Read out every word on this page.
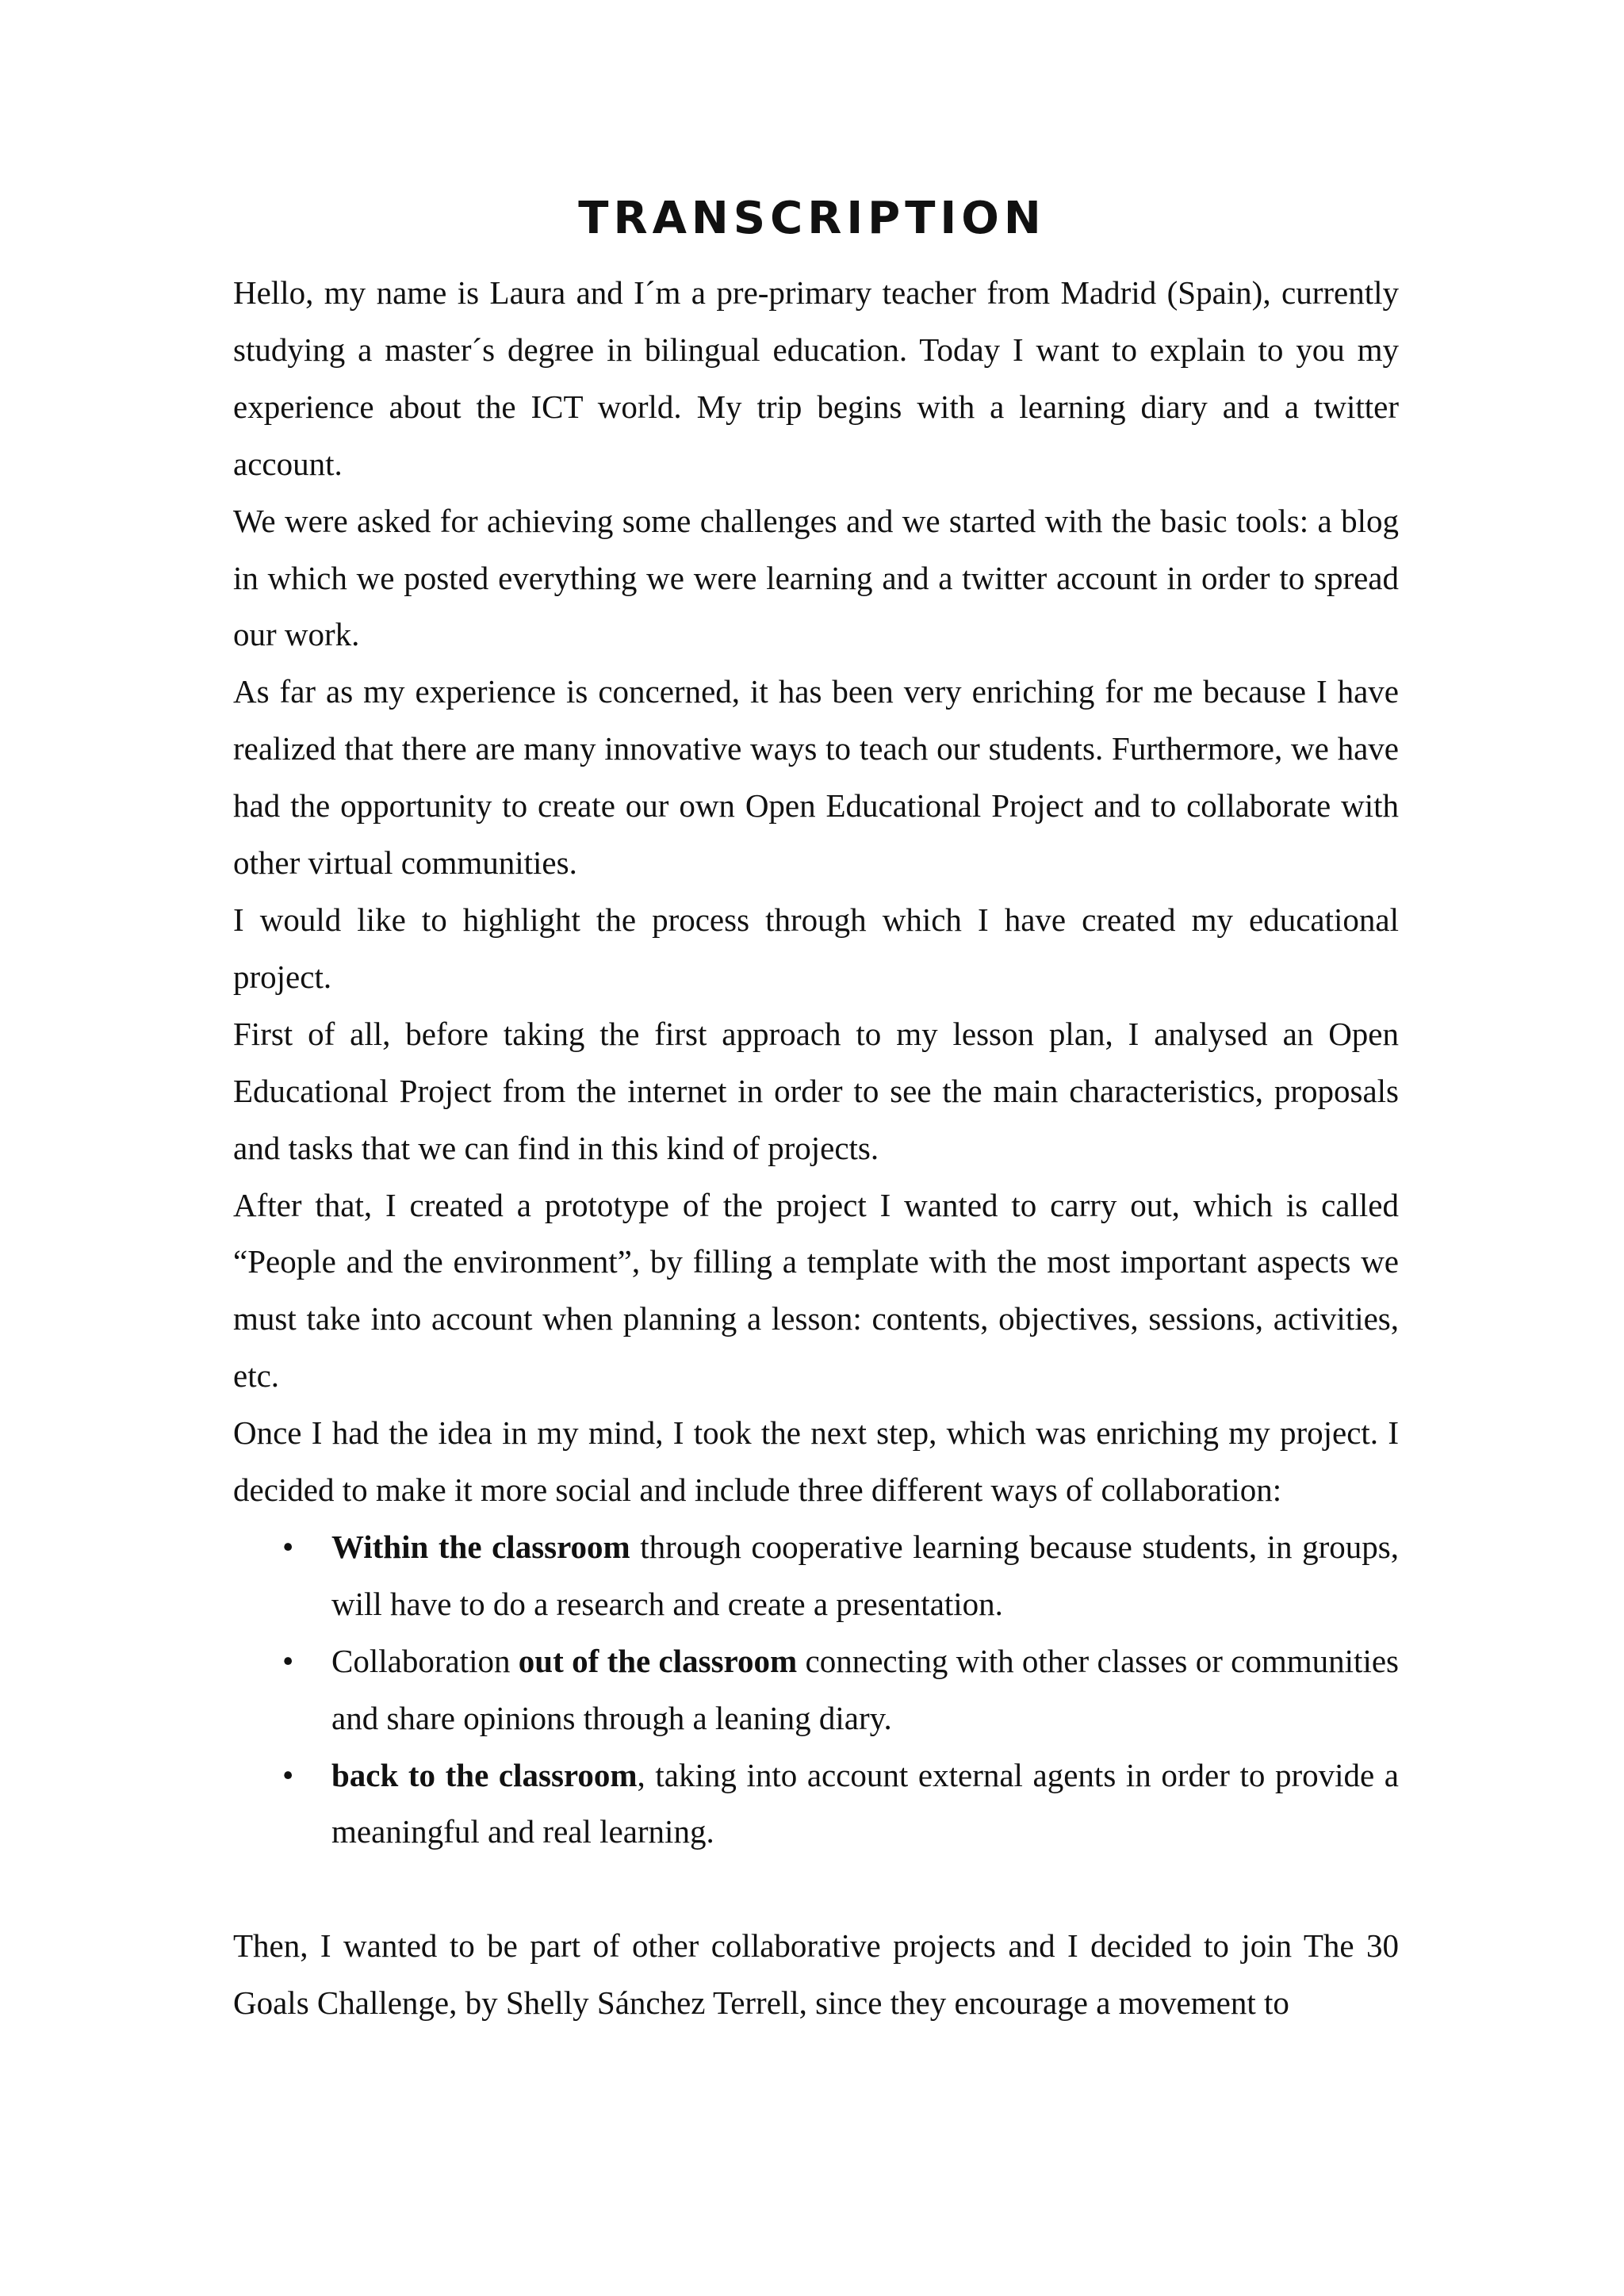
TRANSCRIPTION

Hello, my name is Laura and I´m a pre-primary teacher from Madrid (Spain), currently studying a master´s degree in bilingual education. Today I want to explain to you my experience about the ICT world. My trip begins with a learning diary and a twitter account.

We were asked for achieving some challenges and we started with the basic tools: a blog in which we posted everything we were learning and a twitter account in order to spread our work.

As far as my experience is concerned, it has been very enriching for me because I have realized that there are many innovative ways to teach our students. Furthermore, we have had the opportunity to create our own Open Educational Project and to collaborate with other virtual communities.

I would like to highlight the process through which I have created my educational project.

First of all, before taking the first approach to my lesson plan, I analysed an Open Educational Project from the internet in order to see the main characteristics, proposals and tasks that we can find in this kind of projects.

After that, I created a prototype of the project I wanted to carry out, which is called “People and the environment”, by filling a template with the most important aspects we must take into account when planning a lesson: contents, objectives, sessions, activities, etc.

Once I had the idea in my mind, I took the next step, which was enriching my project. I decided to make it more social and include three different ways of collaboration:

• Within the classroom through cooperative learning because students, in groups, will have to do a research and create a presentation.
• Collaboration out of the classroom connecting with other classes or communities and share opinions through a leaning diary.
• back to the classroom, taking into account external agents in order to provide a meaningful and real learning.

Then, I wanted to be part of other collaborative projects and I decided to join The 30 Goals Challenge, by Shelly Sánchez Terrell, since they encourage a movement to
